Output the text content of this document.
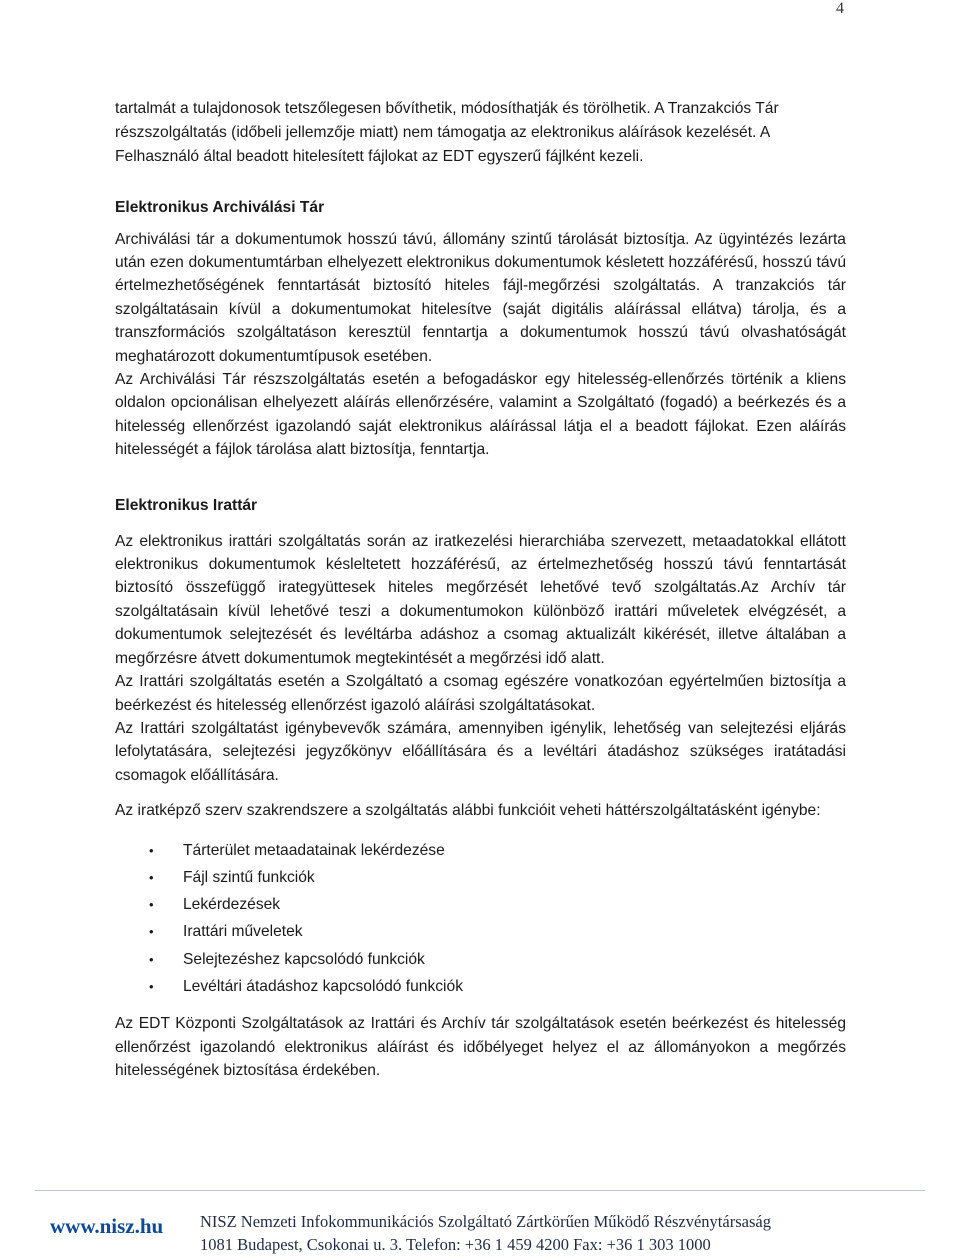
4

tartalmát a tulajdonosok tetszőlegesen bővíthetik, módosíthatják és törölhetik. A Tranzakciós Tár részszolgáltatás (időbeli jellemzője miatt) nem támogatja az elektronikus aláírások kezelését. A Felhasználó által beadott hitelesített fájlokat az EDT egyszerű fájlként kezeli.

Elektronikus Archiválási Tár

Archiválási tár a dokumentumok hosszú távú, állomány szintű tárolását biztosítja. Az ügyintézés lezárta után ezen dokumentumtárban elhelyezett elektronikus dokumentumok késletett hozzáférésű, hosszú távú értelmezhetőségének fenntartását biztosító hiteles fájl-megőrzési szolgáltatás. A tranzakciós tár szolgáltatásain kívül a dokumentumokat hitelesítve (saját digitális aláírással ellátva) tárolja, és a transzformációs szolgáltatáson keresztül fenntartja a dokumentumok hosszú távú olvashatóságát meghatározott dokumentumtípusok esetében.

Az Archiválási Tár részszolgáltatás esetén a befogadáskor egy hitelesség-ellenőrzés történik a kliens oldalon opcionálisan elhelyezett aláírás ellenőrzésére, valamint a Szolgáltató (fogadó) a beérkezés és a hitelesség ellenőrzést igazolandó saját elektronikus aláírással látja el a beadott fájlokat. Ezen aláírás hitelességét a fájlok tárolása alatt biztosítja, fenntartja.

Elektronikus Irattár

Az elektronikus irattári szolgáltatás során az iratkezelési hierarchiába szervezett, metaadatokkal ellátott elektronikus dokumentumok késleltetett hozzáférésű, az értelmezhetőség hosszú távú fenntartását biztosító összefüggő irategyüttesek hiteles megőrzését lehetővé tevő szolgáltatás.Az Archív tár szolgáltatásain kívül lehetővé teszi a dokumentumokon különböző irattári műveletek elvégzését, a dokumentumok selejtezését és levéltárba adáshoz a csomag aktualizált kikérését, illetve általában a megőrzésre átvett dokumentumok megtekintését a megőrzési idő alatt.

Az Irattári szolgáltatás esetén a Szolgáltató a csomag egészére vonatkozóan egyértelműen biztosítja a beérkezést és hitelesség ellenőrzést igazoló aláírási szolgáltatásokat.

Az Irattári szolgáltatást igénybevevők számára, amennyiben igénylik, lehetőség van selejtezési eljárás lefolytatására, selejtezési jegyzőkönyv előállítására és a levéltári átadáshoz szükséges iratátadási csomagok előállítására.

Az iratképző szerv szakrendszere a szolgáltatás alábbi funkcióit veheti háttérszolgáltatásként igénybe:

• Tárterület metaadatainak lekérdezése
• Fájl szintű funkciók
• Lekérdezések
• Irattári műveletek
• Selejtezéshez kapcsolódó funkciók
• Levéltári átadáshoz kapcsolódó funkciók

Az EDT Központi Szolgáltatások az Irattári és Archív tár szolgáltatások esetén beérkezést és hitelesség ellenőrzést igazolandó elektronikus aláírást és időbélyeget helyez el az állományokon a megőrzés hitelességének biztosítása érdekében.

www.nisz.hu NISZ Nemzeti Infokommunikációs Szolgáltató Zártkörűen Működő Részvénytársaság
1081 Budapest, Csokonai u. 3. Telefon: +36 1 459 4200 Fax: +36 1 303 1000
